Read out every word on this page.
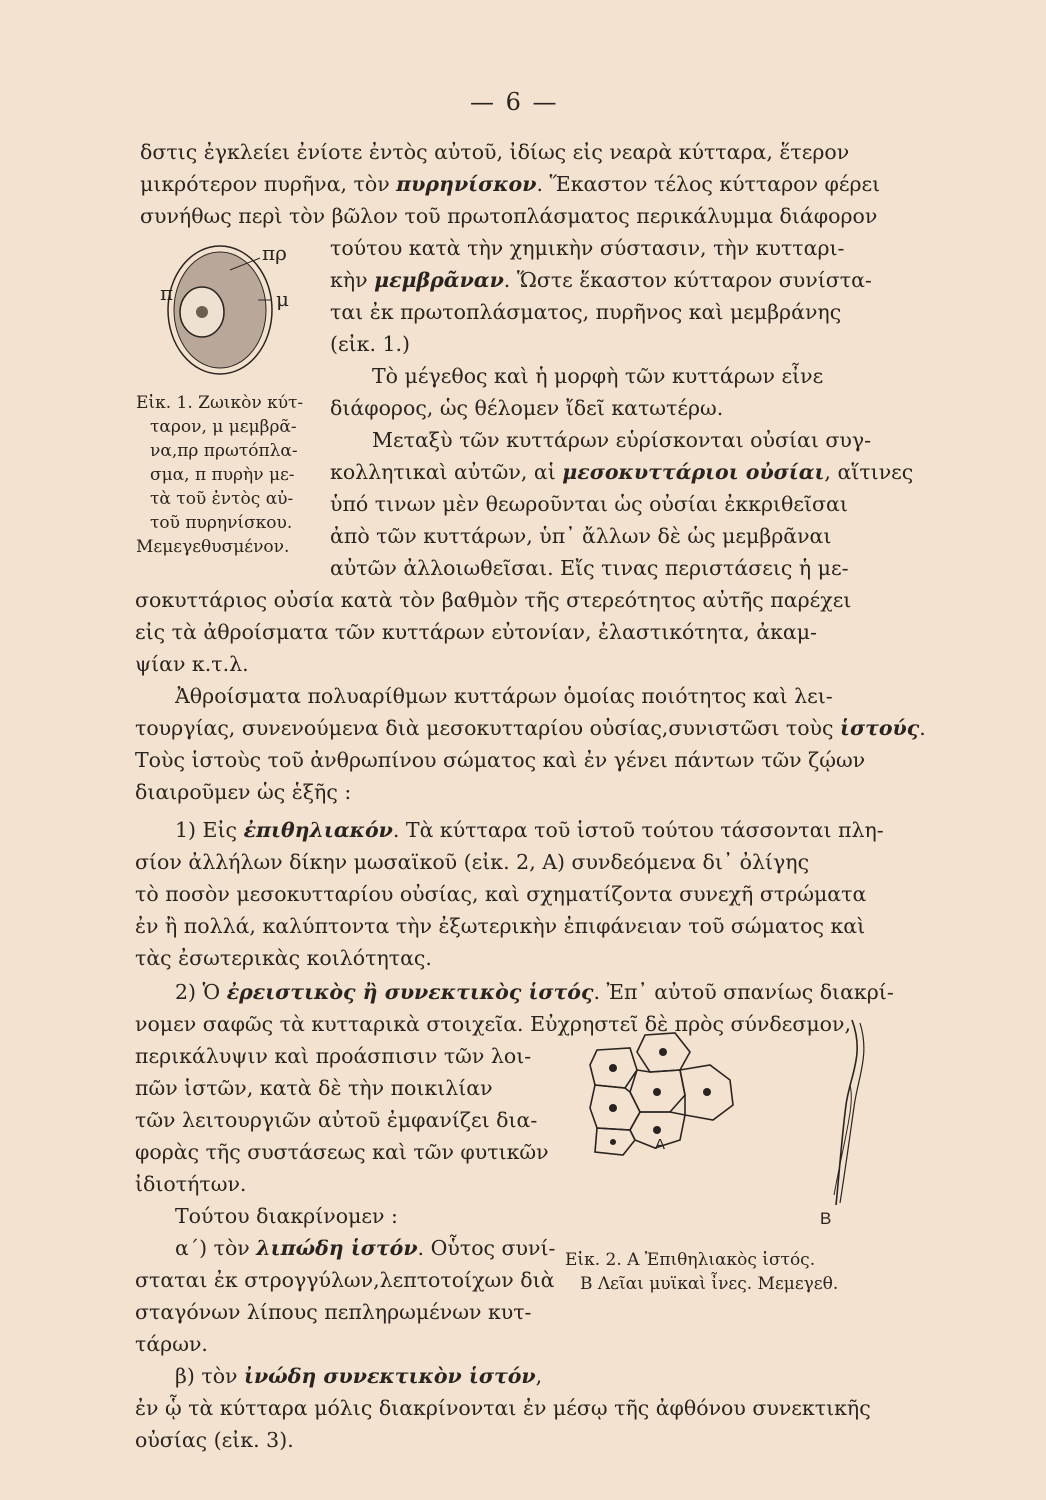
— 6 —
δστις ἐγκλείει ἐνίοτε ἐντὸς αὐτοῦ, ἰδίως εἰς νεαρὰ κύτταρα, ἕτερον
μικρότερον πυρῆνα, τὸν πυρηνίσκον. Ἕκαστον τέλος κύτταρον φέρει
συνήθως περὶ τὸν βῶλον τοῦ πρωτοπλάσματος περικάλυμμα διάφορον
τούτου κατὰ τὴν χημικὴν σύστασιν, τὴν κυτταρι-
κὴν μεμβρᾶναν. Ὥστε ἕκαστον κύτταρον συνίστα-
ται ἐκ πρωτοπλάσματος, πυρῆνος καὶ μεμβράνης
(εἰκ. 1.)
Τὸ μέγεθος καὶ ἡ μορφὴ τῶν κυττάρων εἶνε
διάφορος, ὡς θέλομεν ἴδεῖ κατωτέρω.
Μεταξὺ τῶν κυττάρων εὑρίσκονται οὐσίαι συγ-
κολλητικαὶ αὐτῶν, αἱ μεσοκυττάριοι οὐσίαι, αἵτινες
ὑπό τινων μὲν θεωροῦνται ὡς οὐσίαι ἐκκριθεῖσαι
ἀπὸ τῶν κυττάρων, ὑπ᾽ ἄλλων δὲ ὡς μεμβρᾶναι
αὐτῶν ἀλλοιωθεῖσαι. Εἴς τινας περιστάσεις ἡ με-
σοκυττάριος οὐσία κατὰ τὸν βαθμὸν τῆς στερεότητος αὐτῆς παρέχει
εἰς τὰ ἀθροίσματα τῶν κυττάρων εὐτονίαν, ἐλαστικότητα, ἀκαμ-
ψίαν κ.τ.λ.
Ἀθροίσματα πολυαρίθμων κυττάρων ὁμοίας ποιότητος καὶ λει-
τουργίας, συνενούμενα διὰ μεσοκυτταρίου οὐσίας,συνιστῶσι τοὺς ἱστούς.
Τοὺς ἱστοὺς τοῦ ἀνθρωπίνου σώματος καὶ ἐν γένει πάντων τῶν ζῴων
διαιροῦμεν ὡς ἑξῆς :
1) Εἰς ἐπιθηλιακόν. Τὰ κύτταρα τοῦ ἱστοῦ τούτου τάσσονται πλη-
σίον ἀλλήλων δίκην μωσαϊκοῦ (εἰκ. 2, Α) συνδεόμενα δι᾽ ὀλίγης
τὸ ποσὸν μεσοκυτταρίου οὐσίας, καὶ σχηματίζοντα συνεχῆ στρώματα
ἐν ἢ πολλά, καλύπτοντα τὴν ἐξωτερικὴν ἐπιφάνειαν τοῦ σώματος καὶ
τὰς ἐσωτερικὰς κοιλότητας.
2) Ὁ ἐρειστικὸς ἢ συνεκτικὸς ἱστός. Ἐπ᾽ αὐτοῦ σπανίως διακρί-
νομεν σαφῶς τὰ κυτταρικὰ στοιχεῖα. Εὐχρηστεῖ δὲ πρὸς σύνδεσμον,
περικάλυψιν καὶ προάσπισιν τῶν λοι-
πῶν ἱστῶν, κατὰ δὲ τὴν ποικιλίαν
τῶν λειτουργιῶν αὐτοῦ ἐμφανίζει δια-
φορὰς τῆς συστάσεως καὶ τῶν φυτικῶν
ἰδιοτήτων.
Τούτου διακρίνομεν :
α΄) τὸν λιπώδη ἱστόν. Οὗτος συνί-
σταται ἐκ στρογγύλων,λεπτοτοίχων διὰ
σταγόνων λίπους πεπληρωμένων κυτ-
τάρων.
β) τὸν ἰνώδη συνεκτικὸν ἱστόν,
ἐν ᾧ τὰ κύτταρα μόλις διακρίνονται ἐν μέσῳ τῆς ἀφθόνου συνεκτικῆς
οὐσίας (εἰκ. 3).
πρ
μ
π
Εἰκ. 1. Ζωικὸν κύτ-
ταρον, μ μεμβρᾶ-
να,πρ πρωτόπλα-
σμα, π πυρὴν με-
τὰ τοῦ ἐντὸς αὐ-
τοῦ πυρηνίσκου.
Μεμεγεθυσμένον.
A
B
Εἰκ. 2. Α Ἐπιθηλιακὸς ἱστός.
Β Λεῖαι μυϊκαὶ ἶνες. Μεμεγεθ.
